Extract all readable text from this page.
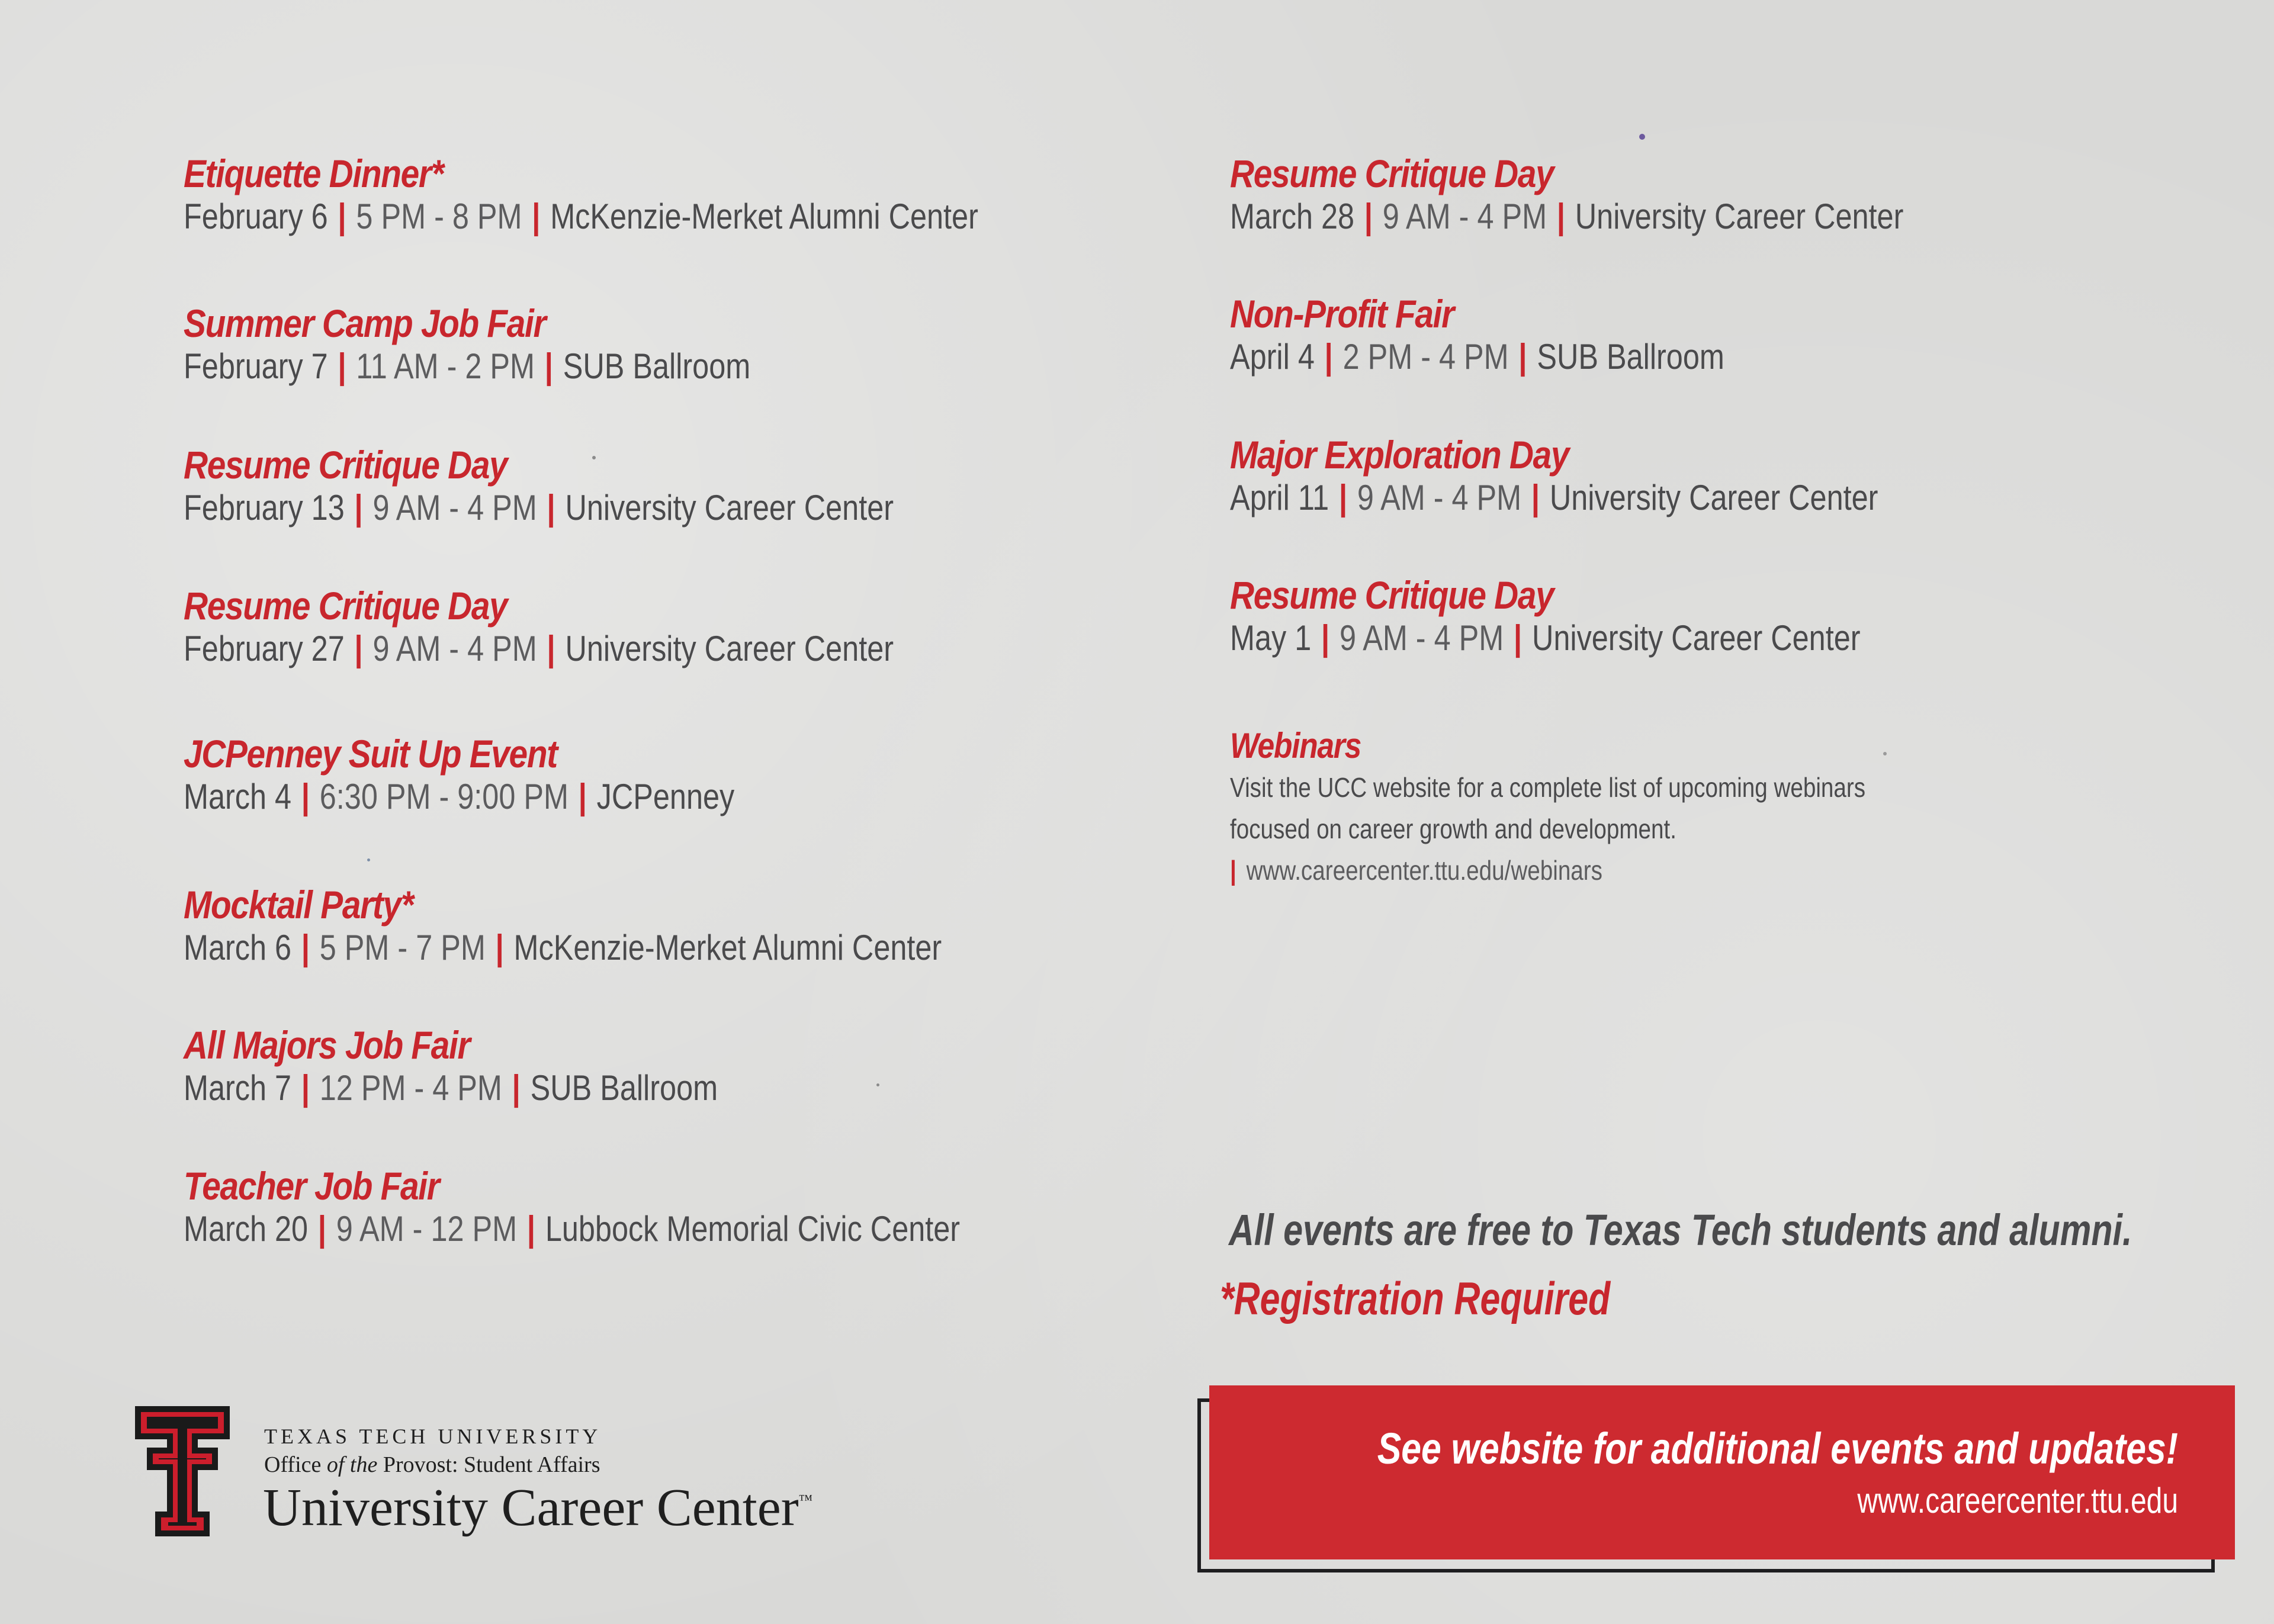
Etiquette Dinner*
February 6 | 5 PM - 8 PM | McKenzie-Merket Alumni Center
Summer Camp Job Fair
February 7 | 11 AM - 2 PM | SUB Ballroom
Resume Critique Day
February 13 | 9 AM - 4 PM | University Career Center
Resume Critique Day
February 27 | 9 AM - 4 PM | University Career Center
JCPenney Suit Up Event
March 4 | 6:30 PM - 9:00 PM | JCPenney
Mocktail Party*
March 6 | 5 PM - 7 PM | McKenzie-Merket Alumni Center
All Majors Job Fair
March 7 | 12 PM - 4 PM | SUB Ballroom
Teacher Job Fair
March 20 | 9 AM - 12 PM | Lubbock Memorial Civic Center
Resume Critique Day
March 28 | 9 AM - 4 PM | University Career Center
Non-Profit Fair
April 4 | 2 PM - 4 PM | SUB Ballroom
Major Exploration Day
April 11 | 9 AM - 4 PM | University Career Center
Resume Critique Day
May 1 | 9 AM - 4 PM | University Career Center
Webinars
Visit the UCC website for a complete list of upcoming webinars
focused on career growth and development.
| www.careercenter.ttu.edu/webinars
All events are free to Texas Tech students and alumni.
*Registration Required
See website for additional events and updates!
www.careercenter.ttu.edu
TEXAS TECH UNIVERSITY
Office of the Provost: Student Affairs
University Career Center™
